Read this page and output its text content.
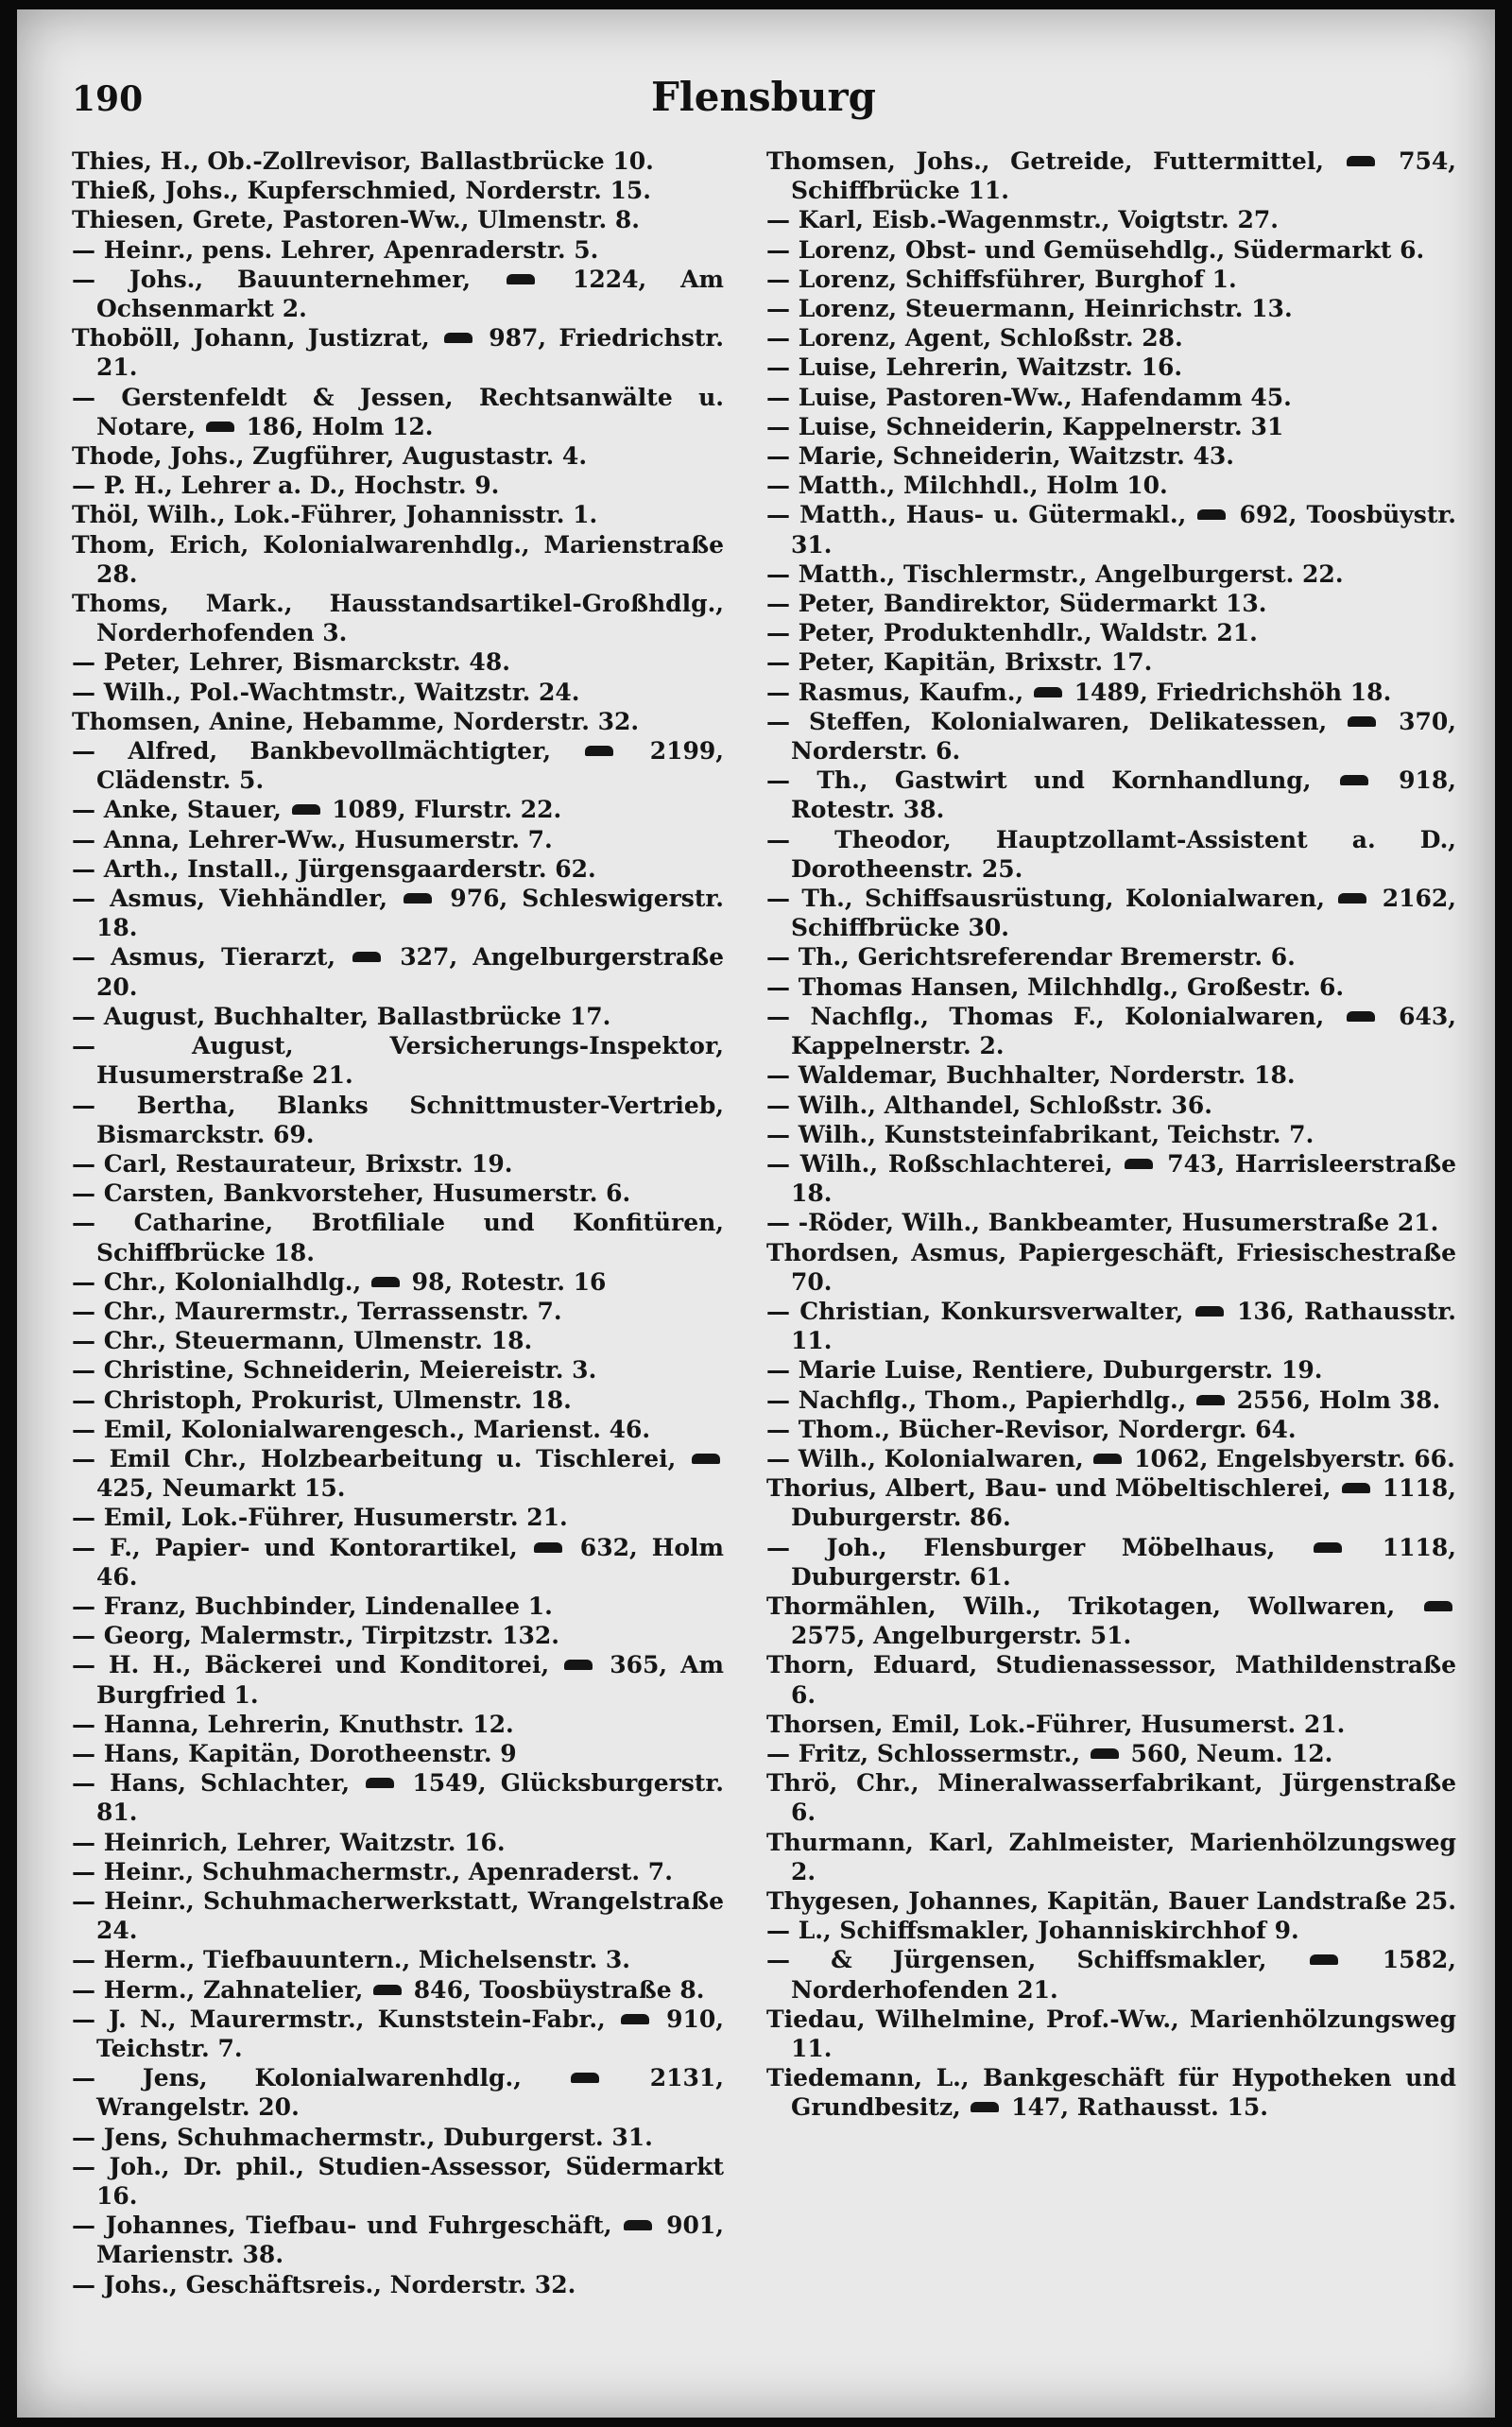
190	Flensburg

Thies, H., Ob.-Zollrevisor, Ballastbrücke 10.

Thieß, Johs., Kupferschmied, Norderstr. 15.

Thiesen, Grete, Pastoren-Ww., Ulmenstr. 8.

— Heinr., pens. Lehrer, Apenraderstr. 5.

— Johs., Bauunternehmer,  1224, Am Ochsenmarkt 2.

Thoböll, Johann, Justizrat,  987, Friedrichstr. 21.

— Gerstenfeldt & Jessen, Rechtsanwälte u. Notare,  186, Holm 12.

Thode, Johs., Zugführer, Augustastr. 4.

— P. H., Lehrer a. D., Hochstr. 9.

Thöl, Wilh., Lok.-Führer, Johannisstr. 1.

Thom, Erich, Kolonialwarenhdlg., Marienstraße 28.

Thoms, Mark., Hausstandsartikel-Großhdlg., Norderhofenden 3.

— Peter, Lehrer, Bismarckstr. 48.

— Wilh., Pol.-Wachtmstr., Waitzstr. 24.

Thomsen, Anine, Hebamme, Norderstr. 32.

— Alfred, Bankbevollmächtigter,  2199, Clädenstr. 5.

— Anke, Stauer,  1089, Flurstr. 22.

— Anna, Lehrer-Ww., Husumerstr. 7.

— Arth., Install., Jürgensgaarderstr. 62.

— Asmus, Viehhändler,  976, Schleswigerstr. 18.

— Asmus, Tierarzt,  327, Angelburgerstraße 20.

— August, Buchhalter, Ballastbrücke 17.

— August, Versicherungs-Inspektor, Husumerstraße 21.

— Bertha, Blanks Schnittmuster-Vertrieb, Bismarckstr. 69.

— Carl, Restaurateur, Brixstr. 19.

— Carsten, Bankvorsteher, Husumerstr. 6.

— Catharine, Brotfiliale und Konfitüren, Schiffbrücke 18.

— Chr., Kolonialhdlg.,  98, Rotestr. 16

— Chr., Maurermstr., Terrassenstr. 7.

— Chr., Steuermann, Ulmenstr. 18.

— Christine, Schneiderin, Meiereistr. 3.

— Christoph, Prokurist, Ulmenstr. 18.

— Emil, Kolonialwarengesch., Marienst. 46.

— Emil Chr., Holzbearbeitung u. Tischlerei,  425, Neumarkt 15.

— Emil, Lok.-Führer, Husumerstr. 21.

— F., Papier- und Kontorartikel,  632, Holm 46.

— Franz, Buchbinder, Lindenallee 1.

— Georg, Malermstr., Tirpitzstr. 132.

— H. H., Bäckerei und Konditorei,  365, Am Burgfried 1.

— Hanna, Lehrerin, Knuthstr. 12.

— Hans, Kapitän, Dorotheenstr. 9

— Hans, Schlachter,  1549, Glücksburgerstr. 81.

— Heinrich, Lehrer, Waitzstr. 16.

— Heinr., Schuhmachermstr., Apenraderst. 7.

— Heinr., Schuhmacherwerkstatt, Wrangelstraße 24.

— Herm., Tiefbauuntern., Michelsenstr. 3.

— Herm., Zahnatelier,  846, Toosbüystraße 8.

— J. N., Maurermstr., Kunststein-Fabr.,  910, Teichstr. 7.

— Jens, Kolonialwarenhdlg.,  2131, Wrangelstr. 20.

— Jens, Schuhmachermstr., Duburgerst. 31.

— Joh., Dr. phil., Studien-Assessor, Südermarkt 16.

— Johannes, Tiefbau- und Fuhrgeschäft,  901, Marienstr. 38.

— Johs., Geschäftsreis., Norderstr. 32.

Thomsen, Johs., Getreide, Futtermittel,  754, Schiffbrücke 11.

— Karl, Eisb.-Wagenmstr., Voigtstr. 27.

— Lorenz, Obst- und Gemüsehdlg., Südermarkt 6.

— Lorenz, Schiffsführer, Burghof 1.

— Lorenz, Steuermann, Heinrichstr. 13.

— Lorenz, Agent, Schloßstr. 28.

— Luise, Lehrerin, Waitzstr. 16.

— Luise, Pastoren-Ww., Hafendamm 45.

— Luise, Schneiderin, Kappelnerstr. 31

— Marie, Schneiderin, Waitzstr. 43.

— Matth., Milchhdl., Holm 10.

— Matth., Haus- u. Gütermakl.,  692, Toosbüystr. 31.

— Matth., Tischlermstr., Angelburgerst. 22.

— Peter, Bandirektor, Südermarkt 13.

— Peter, Produktenhdlr., Waldstr. 21.

— Peter, Kapitän, Brixstr. 17.

— Rasmus, Kaufm.,  1489, Friedrichshöh 18.

— Steffen, Kolonialwaren, Delikatessen,  370, Norderstr. 6.

— Th., Gastwirt und Kornhandlung,  918, Rotestr. 38.

— Theodor, Hauptzollamt-Assistent a. D., Dorotheenstr. 25.

— Th., Schiffsausrüstung, Kolonialwaren,  2162, Schiffbrücke 30.

— Th., Gerichtsreferendar Bremerstr. 6.

— Thomas Hansen, Milchhdlg., Großestr. 6.

— Nachflg., Thomas F., Kolonialwaren,  643, Kappelnerstr. 2.

— Waldemar, Buchhalter, Norderstr. 18.

— Wilh., Althandel, Schloßstr. 36.

— Wilh., Kunststeinfabrikant, Teichstr. 7.

— Wilh., Roßschlachterei,  743, Harrisleerstraße 18.

— -Röder, Wilh., Bankbeamter, Husumerstraße 21.

Thordsen, Asmus, Papiergeschäft, Friesischestraße 70.

— Christian, Konkursverwalter,  136, Rathausstr. 11.

— Marie Luise, Rentiere, Duburgerstr. 19.

— Nachflg., Thom., Papierhdlg.,  2556, Holm 38.

— Thom., Bücher-Revisor, Nordergr. 64.

— Wilh., Kolonialwaren,  1062, Engelsbyerstr. 66.

Thorius, Albert, Bau- und Möbeltischlerei,  1118, Duburgerstr. 86.

— Joh., Flensburger Möbelhaus,  1118, Duburgerstr. 61.

Thormählen, Wilh., Trikotagen, Wollwaren,  2575, Angelburgerstr. 51.

Thorn, Eduard, Studienassessor, Mathildenstraße 6.

Thorsen, Emil, Lok.-Führer, Husumerst. 21.

— Fritz, Schlossermstr.,  560, Neum. 12.

Thrö, Chr., Mineralwasserfabrikant, Jürgenstraße 6.

Thurmann, Karl, Zahlmeister, Marienhölzungsweg 2.

Thygesen, Johannes, Kapitän, Bauer Landstraße 25.

— L., Schiffsmakler, Johanniskirchhof 9.

— & Jürgensen, Schiffsmakler,  1582, Norderhofenden 21.

Tiedau, Wilhelmine, Prof.-Ww., Marienhölzungsweg 11.

Tiedemann, L., Bankgeschäft für Hypotheken und Grundbesitz,  147, Rathausst. 15.
